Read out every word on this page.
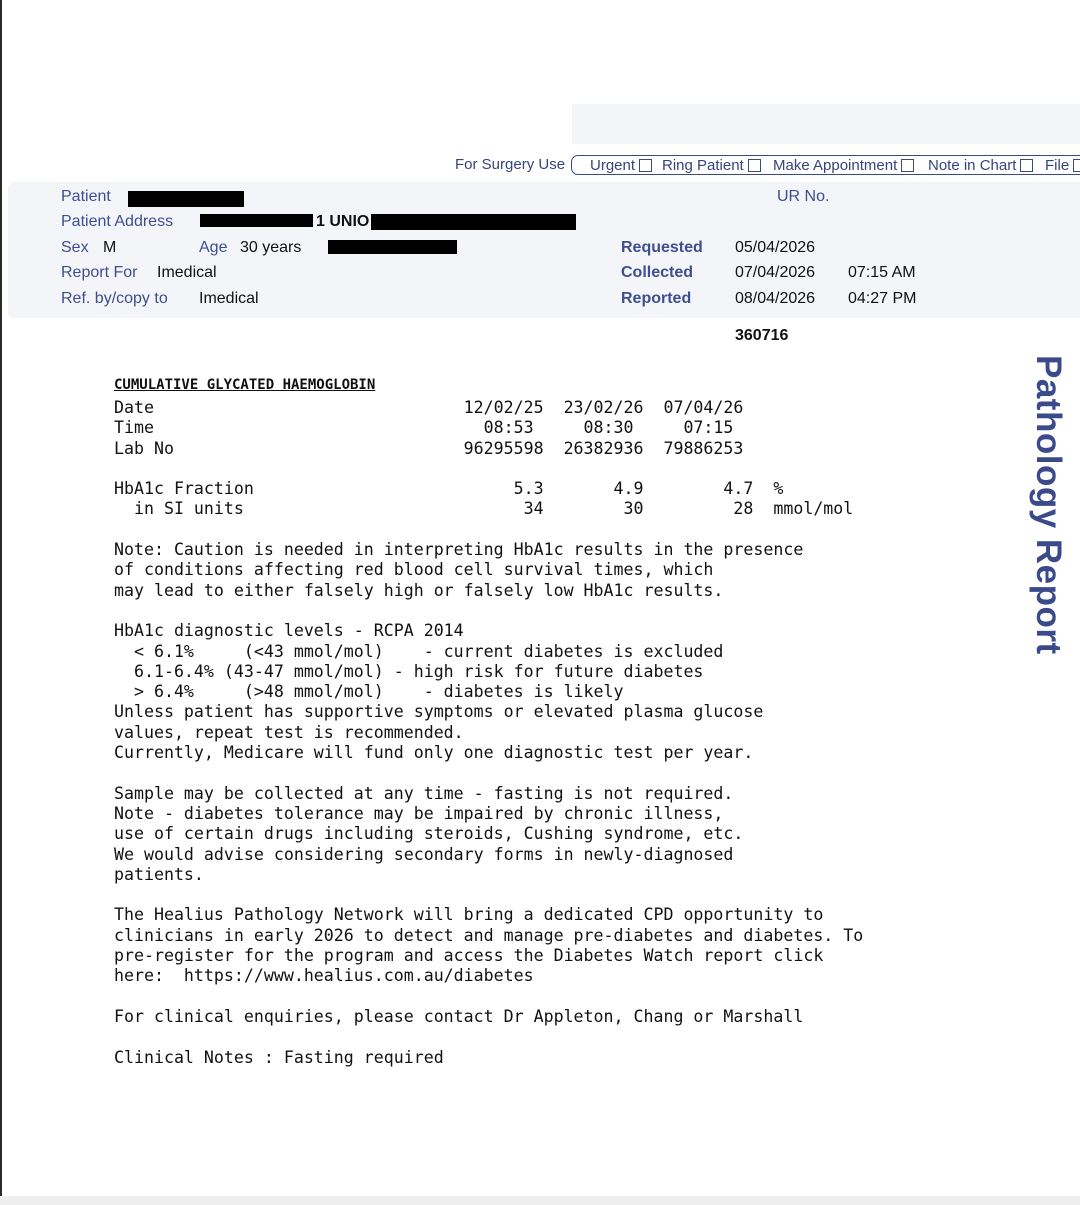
For Surgery Use Urgent Ring Patient Make Appointment Note in Chart File
Patient	UR No.
Patient Address	1 UNIO
Sex M	Age 30 years
Report For Imedical
Ref. by/copy to Imedical
Requested 05/04/2026
Collected	07/04/2026 07:15 AM
Reported	08/04/2026 04:27 PM
360716
Pathology Report
CUMULATIVE GLYCATED HAEMOGLOBIN
Date                               12/02/25  23/02/26  07/04/26
Time                                 08:53     08:30     07:15
Lab No                             96295598  26382936  79886253

HbA1c Fraction                          5.3       4.9        4.7  %
in SI units                            34        30         28  mmol/mol

Note: Caution is needed in interpreting HbA1c results in the presence
of conditions affecting red blood cell survival times, which
may lead to either falsely high or falsely low HbA1c results.

HbA1c diagnostic levels - RCPA 2014
< 6.1%     (<43 mmol/mol)    - current diabetes is excluded
6.1-6.4% (43-47 mmol/mol) - high risk for future diabetes
> 6.4%     (>48 mmol/mol)    - diabetes is likely
Unless patient has supportive symptoms or elevated plasma glucose
values, repeat test is recommended.
Currently, Medicare will fund only one diagnostic test per year.

Sample may be collected at any time - fasting is not required.
Note - diabetes tolerance may be impaired by chronic illness,
use of certain drugs including steroids, Cushing syndrome, etc.
We would advise considering secondary forms in newly-diagnosed
patients.

The Healius Pathology Network will bring a dedicated CPD opportunity to
clinicians in early 2026 to detect and manage pre-diabetes and diabetes. To
pre-register for the program and access the Diabetes Watch report click
here:  https://www.healius.com.au/diabetes

For clinical enquiries, please contact Dr Appleton, Chang or Marshall

Clinical Notes : Fasting required
